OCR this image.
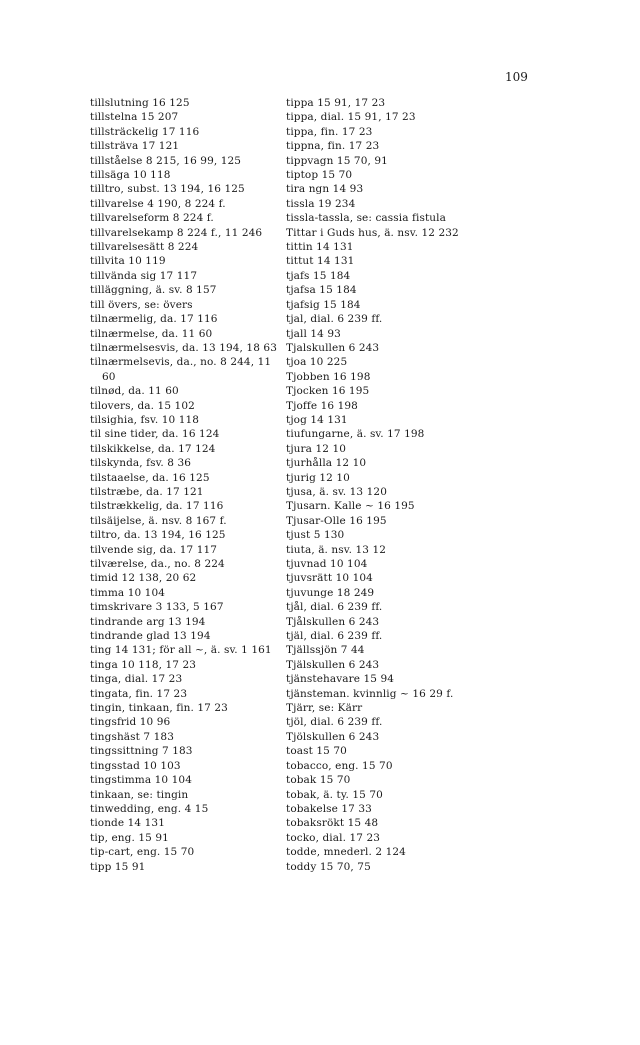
109
tillslutning 16 125
tillstelna 15 207
tillsträckelig 17 116
tillsträva 17 121
tillståelse 8 215, 16 99, 125
tillsäga 10 118
tilltro, subst. 13 194, 16 125
tillvarelse 4 190, 8 224 f.
tillvarelseform 8 224 f.
tillvarelsekamp 8 224 f., 11 246
tillvarelsesätt 8 224
tillvita 10 119
tillvända sig 17 117
tilläggning, ä. sv. 8 157
till övers, se: övers
tilnærmelig, da. 17 116
tilnærmelse, da. 11 60
tilnærmelsesvis, da. 13 194, 18 63
tilnærmelsevis, da., no. 8 244, 11
60
tilnød, da. 11 60
tilovers, da. 15 102
tilsighia, fsv. 10 118
til sine tider, da. 16 124
tilskikkelse, da. 17 124
tilskynda, fsv. 8 36
tilstaaelse, da. 16 125
tilstræbe, da. 17 121
tilstrækkelig, da. 17 116
tilsäijelse, ä. nsv. 8 167 f.
tiltro, da. 13 194, 16 125
tilvende sig, da. 17 117
tilværelse, da., no. 8 224
timid 12 138, 20 62
timma 10 104
timskrivare 3 133, 5 167
tindrande arg 13 194
tindrande glad 13 194
ting 14 131; för all ~, ä. sv. 1 161
tinga 10 118, 17 23
tinga, dial. 17 23
tingata, fin. 17 23
tingin, tinkaan, fin. 17 23
tingsfrid 10 96
tingshäst 7 183
tingssittning 7 183
tingsstad 10 103
tingstimma 10 104
tinkaan, se: tingin
tinwedding, eng. 4 15
tionde 14 131
tip, eng. 15 91
tip-cart, eng. 15 70
tipp 15 91
tippa 15 91, 17 23
tippa, dial. 15 91, 17 23
tippa, fin. 17 23
tippna, fin. 17 23
tippvagn 15 70, 91
tiptop 15 70
tira ngn 14 93
tissla 19 234
tissla-tassla, se: cassia fistula
Tittar i Guds hus, ä. nsv. 12 232
tittin 14 131
tittut 14 131
tjafs 15 184
tjafsa 15 184
tjafsig 15 184
tjal, dial. 6 239 ff.
tjall 14 93
Tjalskullen 6 243
tjoa 10 225
Tjobben 16 198
Tjocken 16 195
Tjoffe 16 198
tjog 14 131
tiufungarne, ä. sv. 17 198
tjura 12 10
tjurhålla 12 10
tjurig 12 10
tjusa, ä. sv. 13 120
Tjusarn. Kalle ~ 16 195
Tjusar-Olle 16 195
tjust 5 130
tiuta, ä. nsv. 13 12
tjuvnad 10 104
tjuvsrätt 10 104
tjuvunge 18 249
tjål, dial. 6 239 ff.
Tjålskullen 6 243
tjäl, dial. 6 239 ff.
Tjällssjön 7 44
Tjälskullen 6 243
tjänstehavare 15 94
tjänsteman. kvinnlig ~ 16 29 f.
Tjärr, se: Kärr
tjöl, dial. 6 239 ff.
Tjölskullen 6 243
toast 15 70
tobacco, eng. 15 70
tobak 15 70
tobak, ä. ty. 15 70
tobakelse 17 33
tobaksrökt 15 48
tocko, dial. 17 23
todde, mnederl. 2 124
toddy 15 70, 75
